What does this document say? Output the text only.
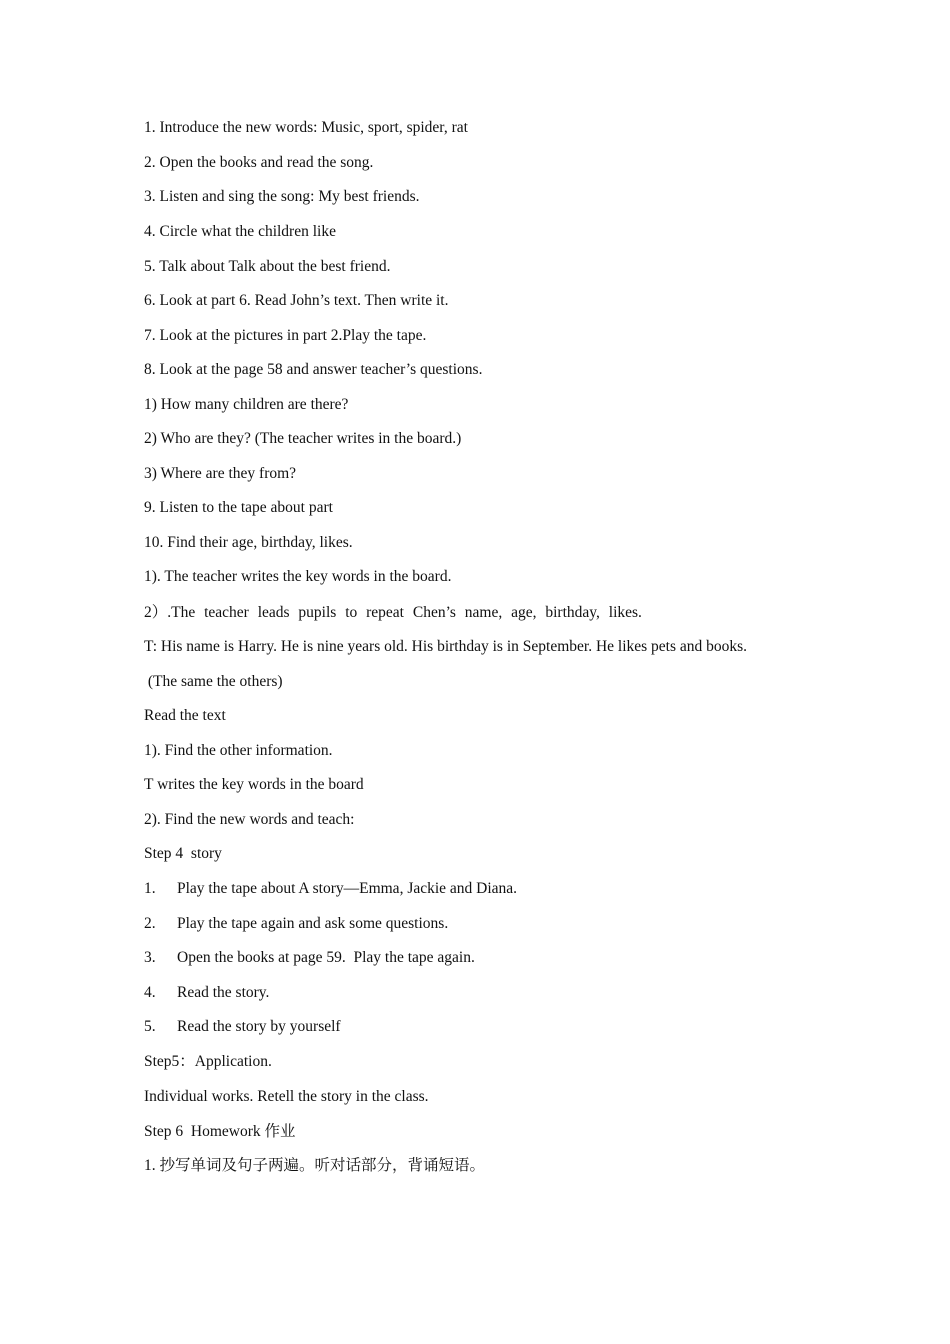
1. Introduce the new words: Music, sport, spider, rat
2. Open the books and read the song.
3. Listen and sing the song: My best friends.
4. Circle what the children like
5. Talk about Talk about the best friend.
6. Look at part 6. Read John’s text. Then write it.
7. Look at the pictures in part 2.Play the tape.
8. Look at the page 58 and answer teacher’s questions.
1) How many children are there?
2) Who are they? (The teacher writes in the board.)
3) Where are they from?
9. Listen to the tape about part
10. Find their age, birthday, likes.
1). The teacher writes the key words in the board.
2）.The teacher leads pupils to repeat Chen’s name, age, birthday, likes.
T: His name is Harry. He is nine years old. His birthday is in September. He likes pets and books.
(The same the others)
Read the text
1). Find the other information.
T writes the key words in the board
2). Find the new words and teach:
Step 4  story
1. Play the tape about A story—Emma, Jackie and Diana.
2. Play the tape again and ask some questions.
3. Open the books at page 59.  Play the tape again.
4. Read the story.
5. Read the story by yourself
Step5：Application.
Individual works. Retell the story in the class.
Step 6  Homework 作业
1. 抄写单词及句子两遍。听对话部分，背诵短语。
